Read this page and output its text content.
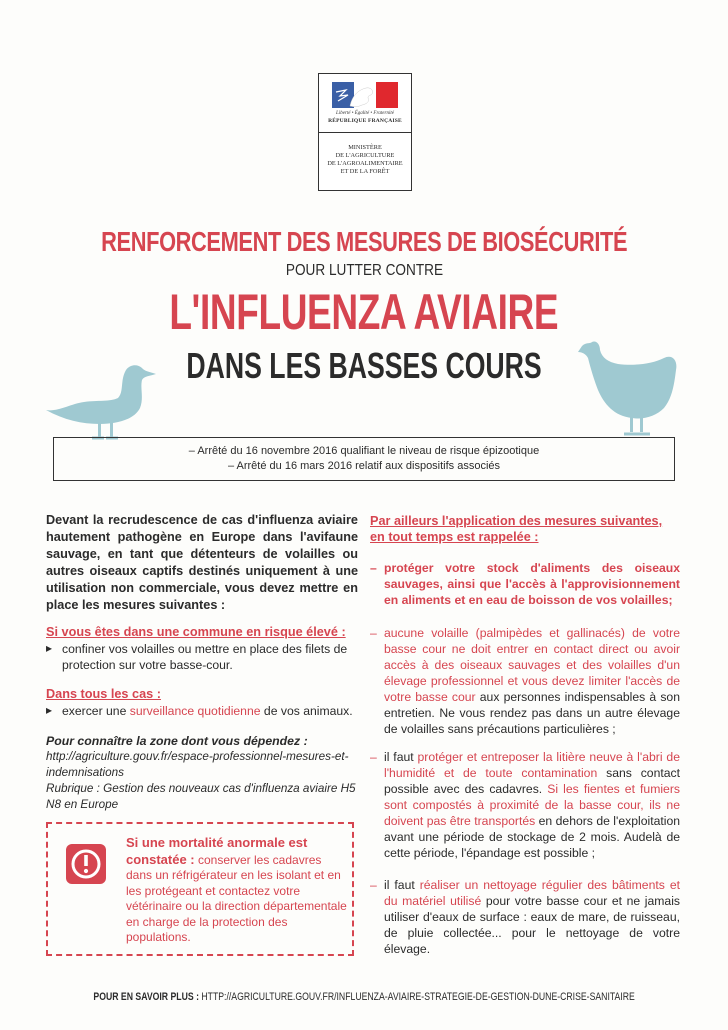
Liberté • Égalité • Fraternité
RÉPUBLIQUE FRANÇAISE
MINISTÈRE
DE L'AGRICULTURE
DE L'AGROALIMENTAIRE
ET DE LA FORÊT
RENFORCEMENT DES MESURES DE BIOSÉCURITÉ
POUR LUTTER CONTRE
L'INFLUENZA AVIAIRE
DANS LES BASSES COURS
– Arrêté du 16 novembre 2016 qualifiant le niveau de risque épizootique
– Arrêté du 16 mars 2016 relatif aux dispositifs associés
Devant la recrudescence de cas d'influenza aviaire hautement pathogène en Europe dans l'avifaune sauvage, en tant que détenteurs de volailles ou autres oiseaux captifs destinés uniquement à une utilisation non commerciale, vous devez mettre en place les mesures suivantes :
Si vous êtes dans une commune en risque élevé :
▸ confiner vos volailles ou mettre en place des filets de protection sur votre basse-cour.
Dans tous les cas :
▸ exercer une surveillance quotidienne de vos animaux.
Pour connaître la zone dont vous dépendez :
http://agriculture.gouv.fr/espace-professionnel-mesures-et-indemnisations
Rubrique : Gestion des nouveaux cas d'influenza aviaire H5 N8 en Europe
Si une mortalité anormale est constatée : conserver les cadavres dans un réfrigérateur en les isolant et en les protégeant et contactez votre vétérinaire ou la direction départementale en charge de la protection des populations.
Par ailleurs l'application des mesures suivantes, en tout temps est rappelée :
– protéger votre stock d'aliments des oiseaux sauvages, ainsi que l'accès à l'approvisionnement en aliments et en eau de boisson de vos volailles;
– aucune volaille (palmipèdes et gallinacés) de votre basse cour ne doit entrer en contact direct ou avoir accès à des oiseaux sauvages et des volailles d'un élevage professionnel et vous devez limiter l'accès de votre basse cour aux personnes indispensables à son entretien. Ne vous rendez pas dans un autre élevage de volailles sans précautions particulières ;
– il faut protéger et entreposer la litière neuve à l'abri de l'humidité et de toute contamination sans contact possible avec des cadavres. Si les fientes et fumiers sont compostés à proximité de la basse cour, ils ne doivent pas être transportés en dehors de l'exploitation avant une période de stockage de 2 mois. Audelà de cette période, l'épandage est possible ;
– il faut réaliser un nettoyage régulier des bâtiments et du matériel utilisé pour votre basse cour et ne jamais utiliser d'eaux de surface : eaux de mare, de ruisseau, de pluie collectée... pour le nettoyage de votre élevage.
POUR EN SAVOIR PLUS : HTTP://AGRICULTURE.GOUV.FR/INFLUENZA-AVIAIRE-STRATEGIE-DE-GESTION-DUNE-CRISE-SANITAIRE
